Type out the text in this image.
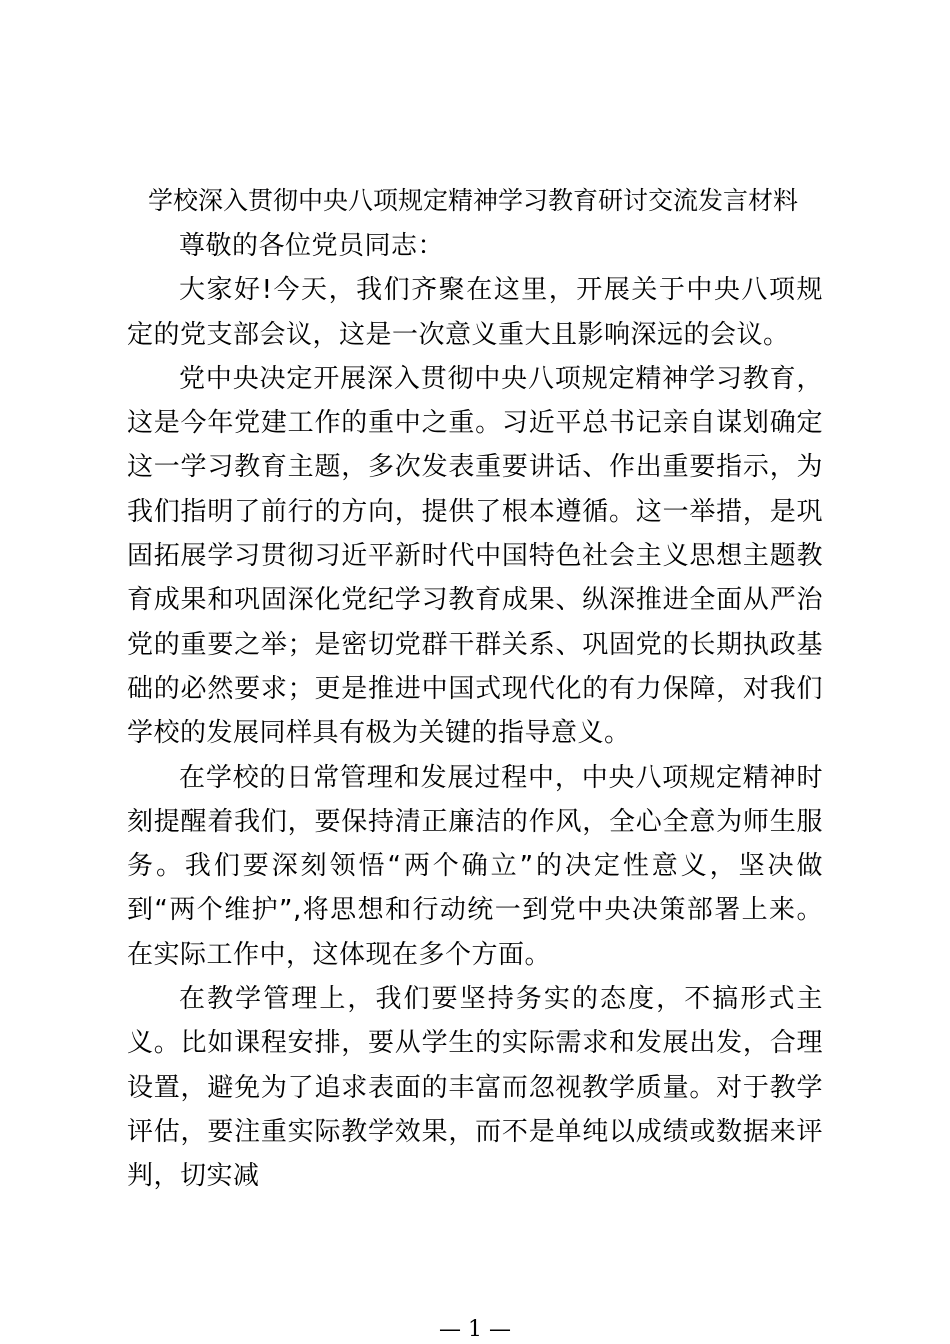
学校深入贯彻中央八项规定精神学习教育研讨交流发言材料

尊敬的各位党员同志：

大家好!今天，我们齐聚在这里，开展关于中央八项规定的党支部会议，这是一次意义重大且影响深远的会议。

党中央决定开展深入贯彻中央八项规定精神学习教育，这是今年党建工作的重中之重。习近平总书记亲自谋划确定这一学习教育主题，多次发表重要讲话、作出重要指示，为我们指明了前行的方向，提供了根本遵循。这一举措，是巩固拓展学习贯彻习近平新时代中国特色社会主义思想主题教育成果和巩固深化党纪学习教育成果、纵深推进全面从严治党的重要之举；是密切党群干群关系、巩固党的长期执政基础的必然要求；更是推进中国式现代化的有力保障，对我们学校的发展同样具有极为关键的指导意义。

在学校的日常管理和发展过程中，中央八项规定精神时刻提醒着我们，要保持清正廉洁的作风，全心全意为师生服务。我们要深刻领悟“两个确立”的决定性意义，坚决做到“两个维护”,将思想和行动统一到党中央决策部署上来。在实际工作中，这体现在多个方面。

在教学管理上，我们要坚持务实的态度，不搞形式主义。比如课程安排，要从学生的实际需求和发展出发，合理设置，避免为了追求表面的丰富而忽视教学质量。对于教学评估，要注重实际教学效果，而不是单纯以成绩或数据来评判，切实减

— 1 —
